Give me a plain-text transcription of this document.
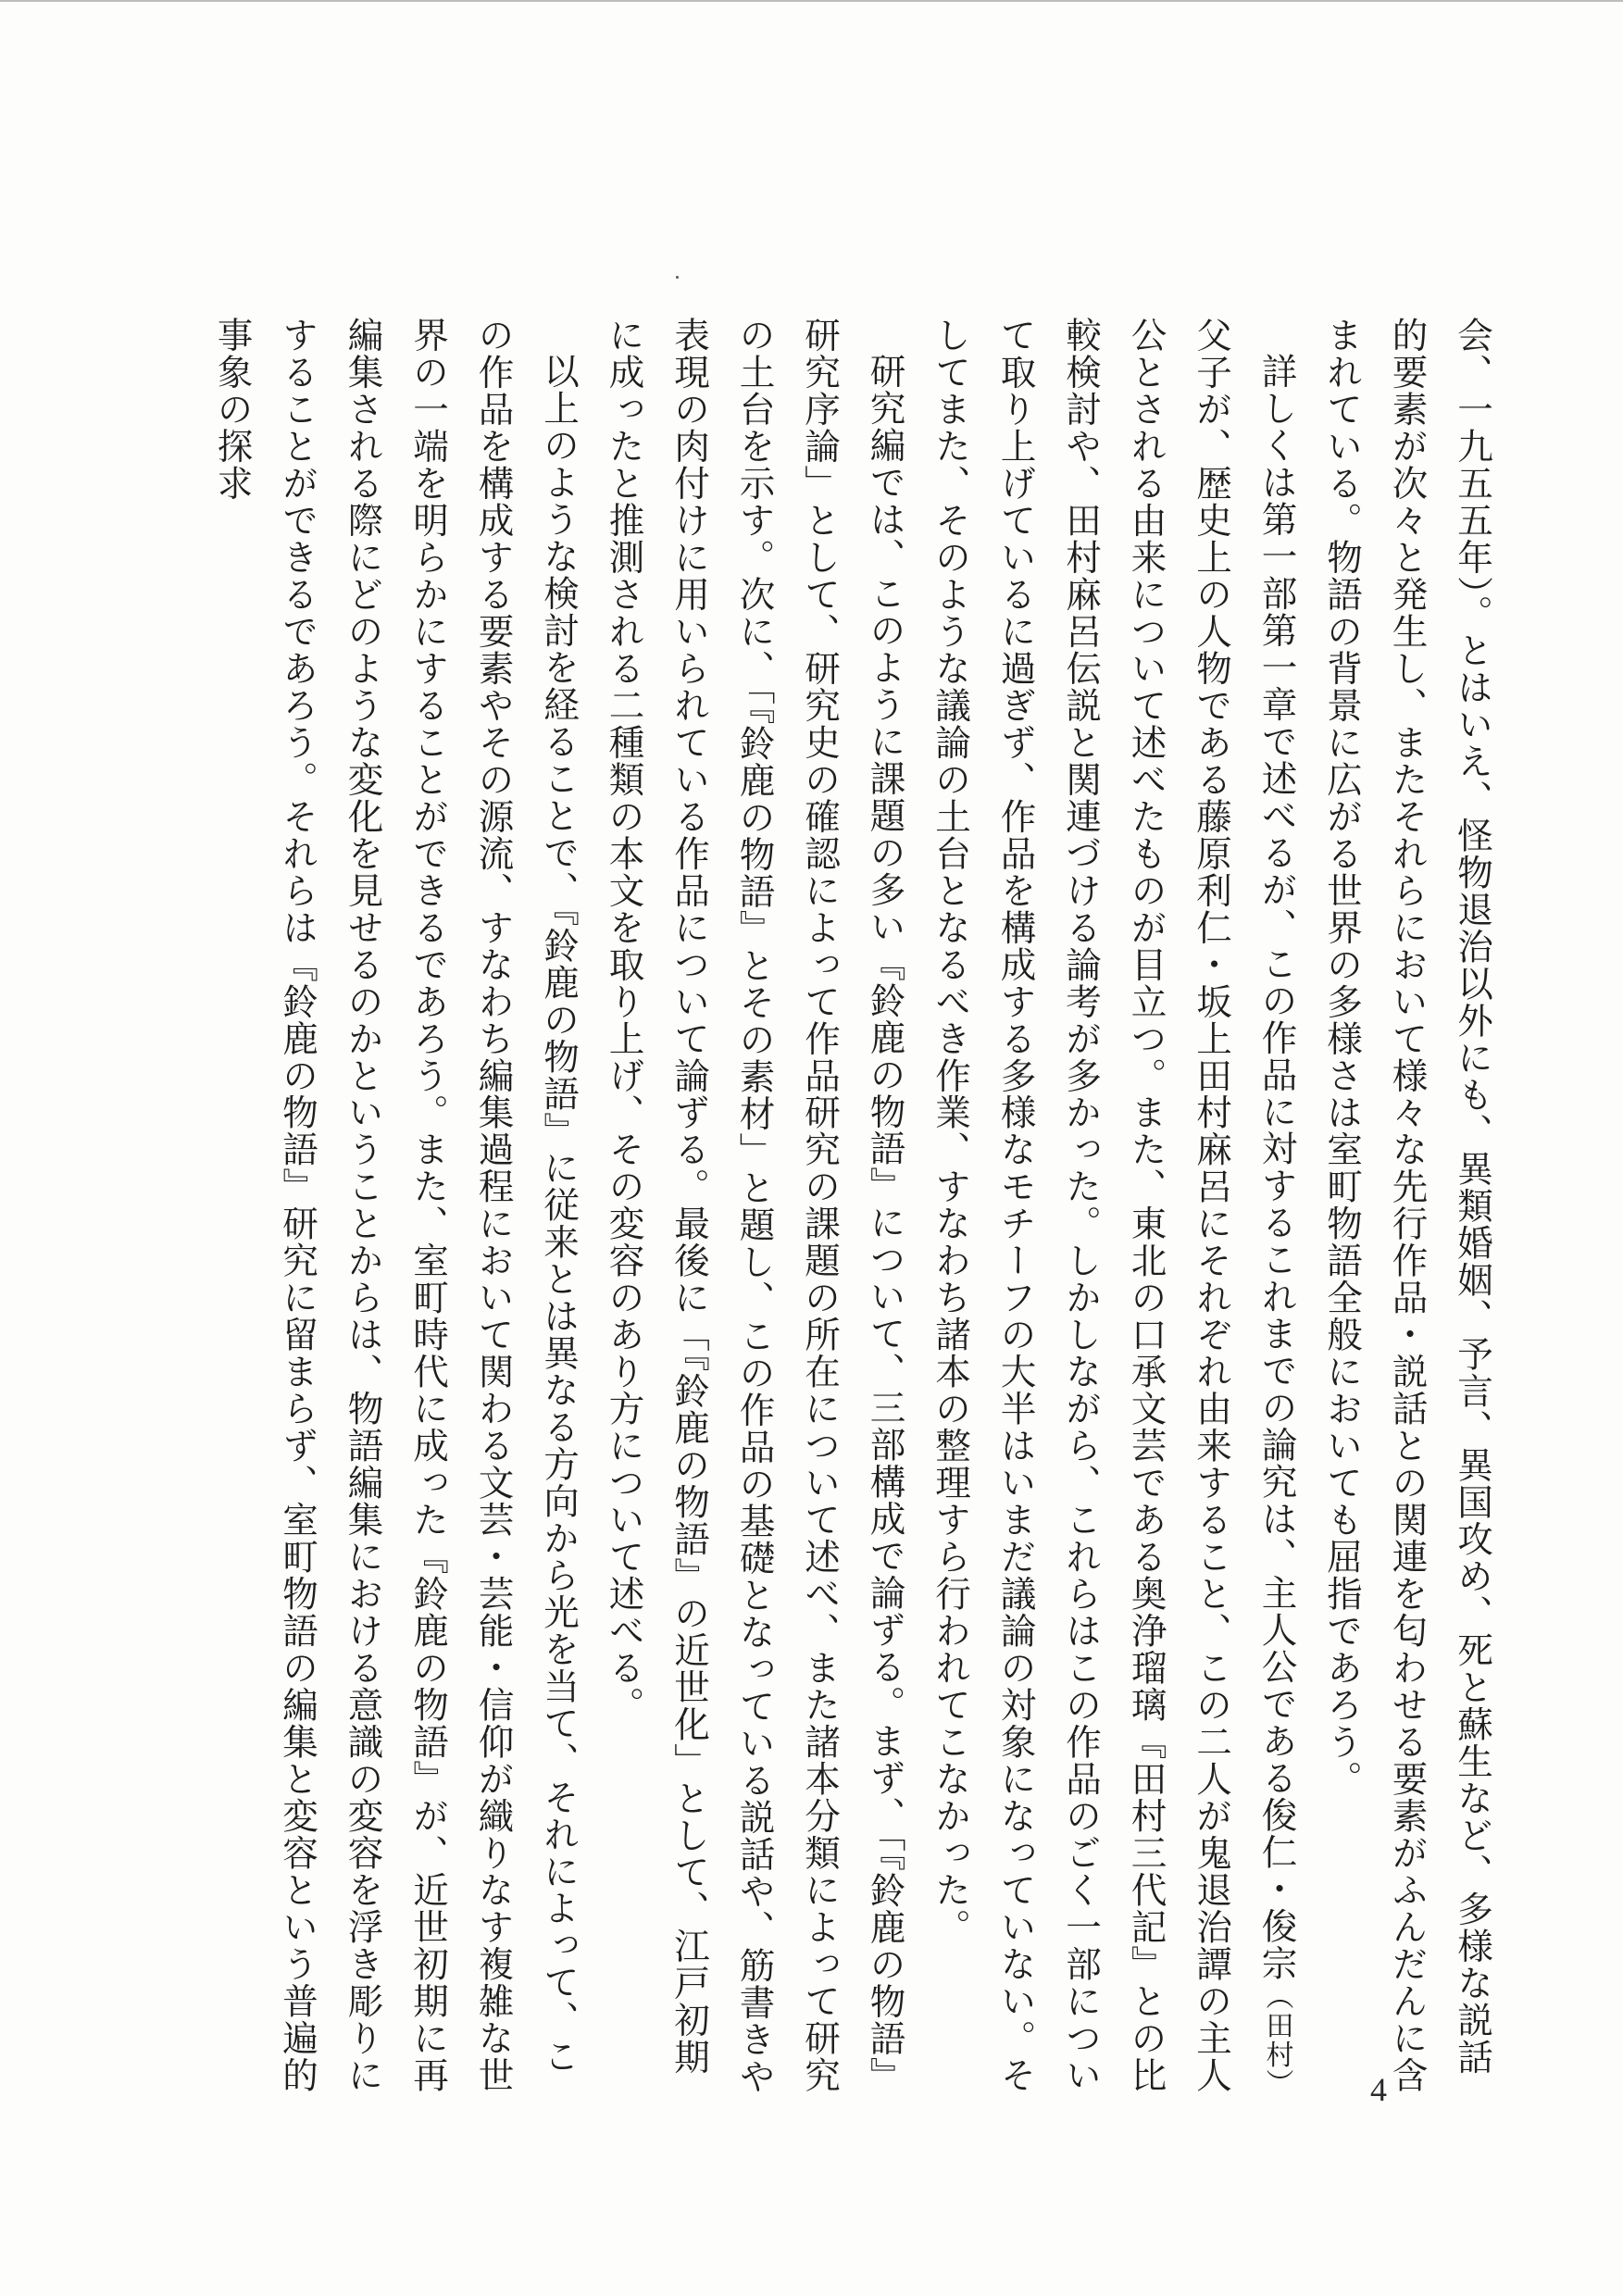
会、一九五五年）。とはいえ、怪物退治以外にも、異類婚姻、予言、異国攻め、死と蘇生など、多様な説話的要素が次々と発生し、またそれらにおいて様々な先行作品・説話との関連を匂わせる要素がふんだんに含まれている。物語の背景に広がる世界の多様さは室町物語全般においても屈指であろう。

詳しくは第一部第一章で述べるが、この作品に対するこれまでの論究は、主人公である俊仁・俊宗（田村）父子が、歴史上の人物である藤原利仁・坂上田村麻呂にそれぞれ由来すること、この二人が鬼退治譚の主人公とされる由来について述べたものが目立つ。また、東北の口承文芸である奥浄瑠璃『田村三代記』との比較検討や、田村麻呂伝説と関連づける論考が多かった。しかしながら、これらはこの作品のごく一部について取り上げているに過ぎず、作品を構成する多様なモチーフの大半はいまだ議論の対象になっていない。そしてまた、そのような議論の土台となるべき作業、すなわち諸本の整理すら行われてこなかった。

研究編では、このように課題の多い『鈴鹿の物語』について、三部構成で論ずる。まず、「『鈴鹿の物語』研究序論」として、研究史の確認によって作品研究の課題の所在について述べ、また諸本分類によって研究の土台を示す。次に、「『鈴鹿の物語』とその素材」と題し、この作品の基礎となっている説話や、筋書きや表現の肉付けに用いられている作品について論ずる。最後に「『鈴鹿の物語』の近世化」として、江戸初期に成ったと推測される二種類の本文を取り上げ、その変容のあり方について述べる。

以上のような検討を経ることで、『鈴鹿の物語』に従来とは異なる方向から光を当て、それによって、この作品を構成する要素やその源流、すなわち編集過程において関わる文芸・芸能・信仰が織りなす複雑な世界の一端を明らかにすることができるであろう。また、室町時代に成った『鈴鹿の物語』が、近世初期に再編集される際にどのような変化を見せるのかということからは、物語編集における意識の変容を浮き彫りにすることができるであろう。それらは『鈴鹿の物語』研究に留まらず、室町物語の編集と変容という普遍的事象の探求

4
